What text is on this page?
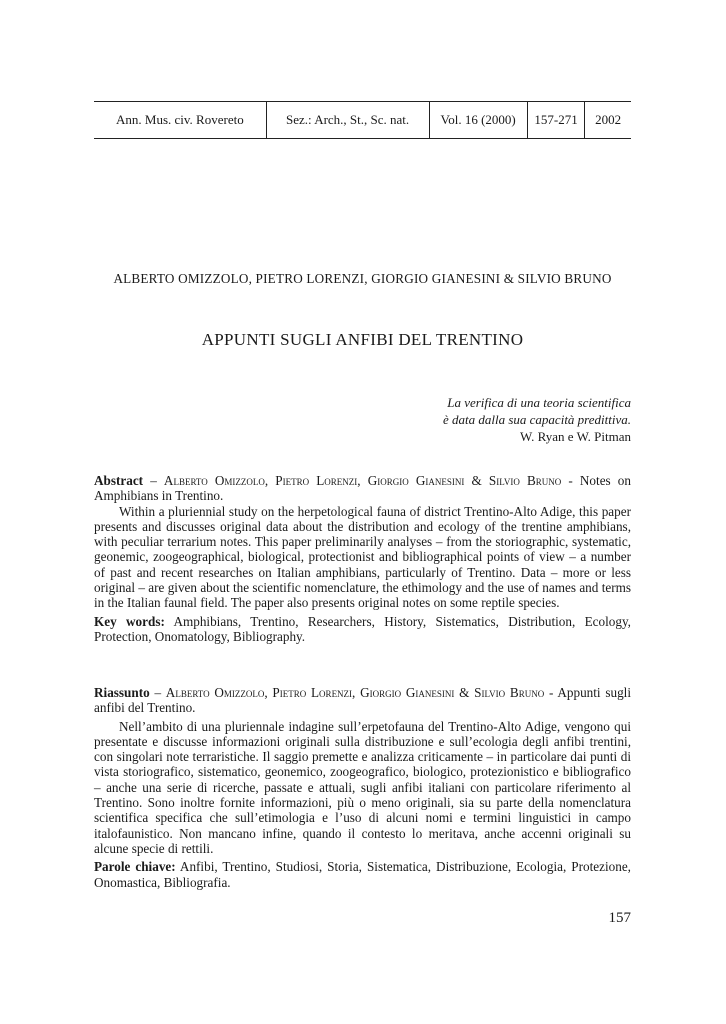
Ann. Mus. civ. Rovereto	Sez.: Arch., St., Sc. nat.	Vol. 16 (2000)	157-271	2002
ALBERTO OMIZZOLO, PIETRO LORENZI, GIORGIO GIANESINI & SILVIO BRUNO
APPUNTI SUGLI ANFIBI DEL TRENTINO
La verifica di una teoria scientifica
è data dalla sua capacità predittiva.
W. Ryan e W. Pitman

Abstract – Alberto Omizzolo, Pietro Lorenzi, Giorgio Gianesini & Silvio Bruno - Notes on Amphibians in Trentino.

Within a pluriennial study on the herpetological fauna of district Trentino-Alto Adige, this paper presents and discusses original data about the distribution and ecology of the trentine amphibians, with peculiar terrarium notes. This paper preliminarily analyses – from the storiographic, systematic, geonemic, zoogeographical, biological, protectionist and bibliographical points of view – a number of past and recent researches on Italian amphibians, particularly of Trentino. Data – more or less original – are given about the scientific nomenclature, the ethimology and the use of names and terms in the Italian faunal field. The paper also presents original notes on some reptile species.

Key words: Amphibians, Trentino, Researchers, History, Sistematics, Distribution, Ecology, Protection, Onomatology, Bibliography.

Riassunto – Alberto Omizzolo, Pietro Lorenzi, Giorgio Gianesini & Silvio Bruno - Appunti sugli anfibi del Trentino.

Nell’ambito di una pluriennale indagine sull’erpetofauna del Trentino-Alto Adige, vengono qui presentate e discusse informazioni originali sulla distribuzione e sull’ecologia degli anfibi trentini, con singolari note terraristiche. Il saggio premette e analizza criticamente – in particolare dai punti di vista storiografico, sistematico, geonemico, zoogeografico, biologico, protezionistico e bibliografico – anche una serie di ricerche, passate e attuali, sugli anfibi italiani con particolare riferimento al Trentino. Sono inoltre fornite informazioni, più o meno originali, sia su parte della nomenclatura scientifica specifica che sull’etimologia e l’uso di alcuni nomi e termini linguistici in campo italofaunistico. Non mancano infine, quando il contesto lo meritava, anche accenni originali su alcune specie di rettili.

Parole chiave: Anfibi, Trentino, Studiosi, Storia, Sistematica, Distribuzione, Ecologia, Protezione, Onomastica, Bibliografia.

157
